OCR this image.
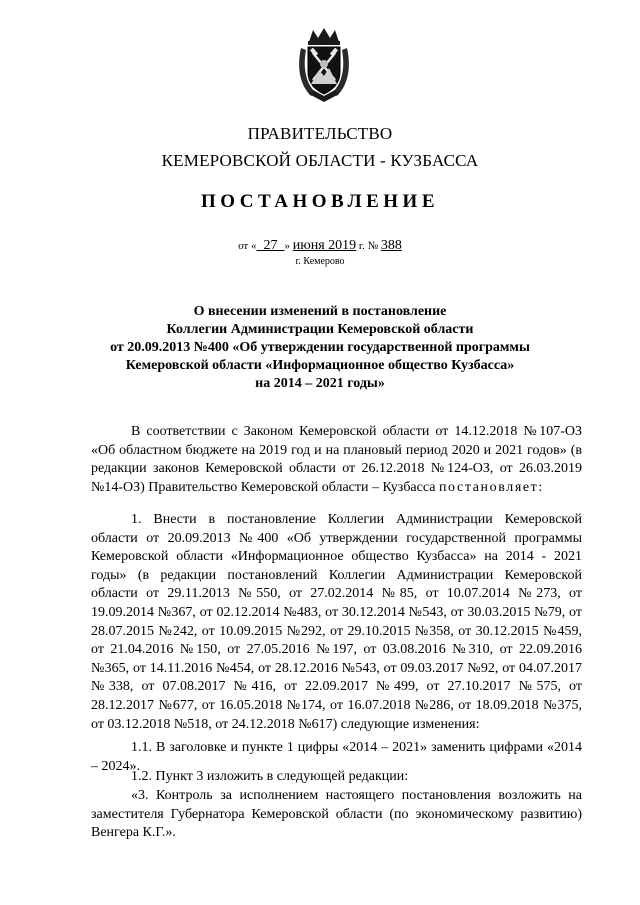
ПРАВИТЕЛЬСТВО
КЕМЕРОВСКОЙ ОБЛАСТИ - КУЗБАССА
ПОСТАНОВЛЕНИЕ
от « 27 » июня 2019 г. № 388
г. Кемерово
О внесении изменений в постановление
Коллегии Администрации Кемеровской области
от 20.09.2013 №400 «Об утверждении государственной программы
Кемеровской области «Информационное общество Кузбасса»
на 2014 – 2021 годы»
В соответствии с Законом Кемеровской области от 14.12.2018 №107-ОЗ «Об областном бюджете на 2019 год и на плановый период 2020 и 2021 годов» (в редакции законов Кемеровской области от 26.12.2018 №124-ОЗ, от 26.03.2019 №14-ОЗ) Правительство Кемеровской области – Кузбасса постановляет:
1. Внести в постановление Коллегии Администрации Кемеровской области от 20.09.2013 №400 «Об утверждении государственной программы Кемеровской области «Информационное общество Кузбасса» на 2014 - 2021 годы» (в редакции постановлений Коллегии Администрации Кемеровской области от 29.11.2013 №550, от 27.02.2014 №85, от 10.07.2014 №273, от 19.09.2014 №367, от 02.12.2014 №483, от 30.12.2014 №543, от 30.03.2015 №79, от 28.07.2015 №242, от 10.09.2015 №292, от 29.10.2015 №358, от 30.12.2015 №459, от 21.04.2016 №150, от 27.05.2016 №197, от 03.08.2016 №310, от 22.09.2016 №365, от 14.11.2016 №454, от 28.12.2016 №543, от 09.03.2017 №92, от 04.07.2017 №338, от 07.08.2017 №416, от 22.09.2017 №499, от 27.10.2017 №575, от 28.12.2017 №677, от 16.05.2018 №174, от 16.07.2018 №286, от 18.09.2018 №375, от 03.12.2018 №518, от 24.12.2018 №617) следующие изменения:
1.1. В заголовке и пункте 1 цифры «2014 – 2021» заменить цифрами «2014 – 2024».
1.2. Пункт 3 изложить в следующей редакции:
«3. Контроль за исполнением настоящего постановления возложить на заместителя Губернатора Кемеровской области (по экономическому развитию) Венгера К.Г.».
